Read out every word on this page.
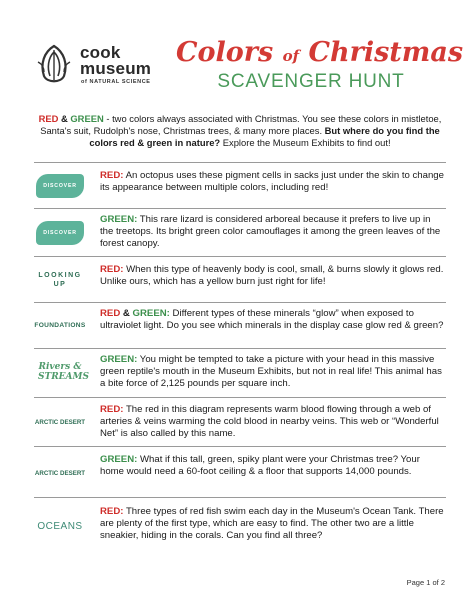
cook
museum
of NATURAL SCIENCE
Colors of Christmas
SCAVENGER HUNT
RED & GREEN - two colors always associated with Christmas. You see these colors in mistletoe, Santa's suit, Rudolph's nose, Christmas trees, & many more places. But where do you find the colors red & green in nature? Explore the Museum Exhibits to find out!
DISCOVER
RED: An octopus uses these pigment cells in sacks just under the skin to change its appearance between multiple colors, including red!
DISCOVER
GREEN: This rare lizard is considered arboreal because it prefers to live up in the treetops. Its bright green color camouflages it among the green leaves of the forest canopy.
LOOKING UP
RED: When this type of heavenly body is cool, small, & burns slowly it glows red. Unlike ours, which has a yellow burn just right for life!
FOUNDATIONS
RED & GREEN: Different types of these minerals “glow” when exposed to ultraviolet light. Do you see which minerals in the display case glow red & green?
Rivers & STREAMS
GREEN: You might be tempted to take a picture with your head in this massive green reptile's mouth in the Museum Exhibits, but not in real life! This animal has a bite force of 2,125 pounds per square inch.
ARCTIC DESERT
RED: The red in this diagram represents warm blood flowing through a web of arteries & veins warming the cold blood in nearby veins. This web or “Wonderful Net” is also called by this name.
ARCTIC DESERT
GREEN: What if this tall, green, spiky plant were your Christmas tree? Your home would need a 60-foot ceiling & a floor that supports 14,000 pounds.
OCEANS
RED: Three types of red fish swim each day in the Museum's Ocean Tank. There are plenty of the first type, which are easy to find. The other two are a little sneakier, hiding in the corals. Can you find all three?
Page 1 of 2
